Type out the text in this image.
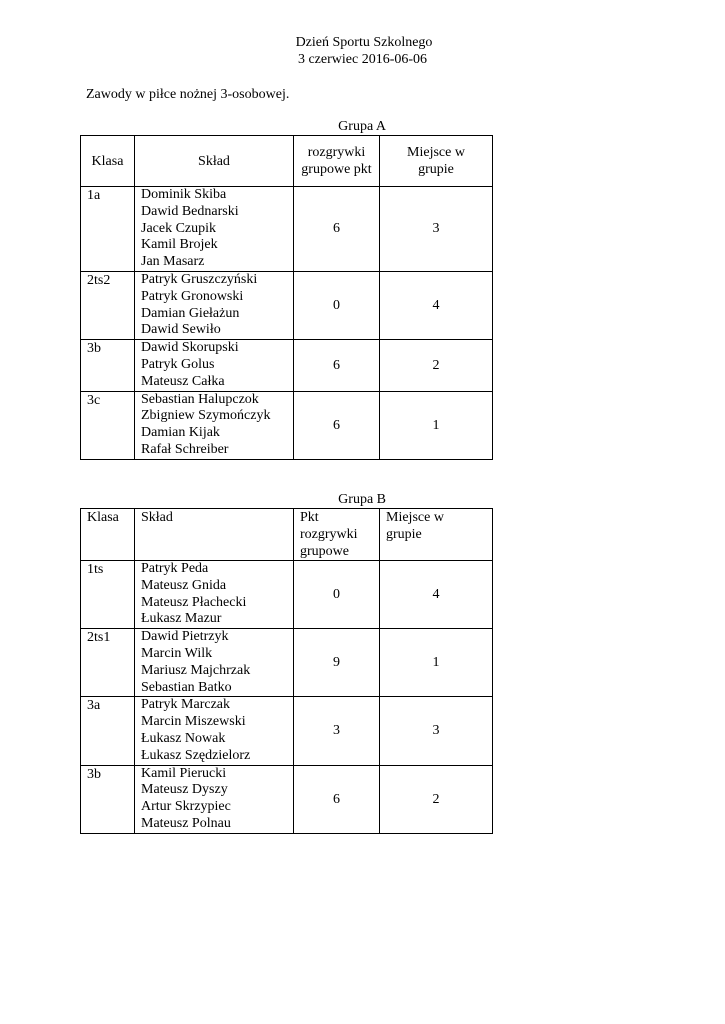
Dzień Sportu Szkolnego
3 czerwiec 2016-06-06
Zawody w piłce nożnej 3-osobowej.
Grupa A
Klasa	Skład	rozgrywki grupowe pkt	Miejsce w grupie
1a	Dominik Skiba
Dawid Bednarski
Jacek Czupik
Kamil Brojek
Jan Masarz	6	3
2ts2	Patryk Gruszczyński
Patryk Gronowski
Damian Giełażun
Dawid Sewiło	0	4
3b	Dawid Skorupski
Patryk Golus
Mateusz Całka	6	2
3c	Sebastian Halupczok
Zbigniew Szymończyk
Damian Kijak
Rafał Schreiber	6	1
Grupa B
Klasa	Skład	Pkt rozgrywki grupowe	Miejsce w grupie
1ts	Patryk Peda
Mateusz Gnida
Mateusz Płachecki
Łukasz Mazur	0	4
2ts1	Dawid Pietrzyk
Marcin Wilk
Mariusz Majchrzak
Sebastian Batko	9	1
3a	Patryk Marczak
Marcin Miszewski
Łukasz Nowak
Łukasz Szędzielorz	3	3
3b	Kamil Pierucki
Mateusz Dyszy
Artur Skrzypiec
Mateusz Polnau	6	2
